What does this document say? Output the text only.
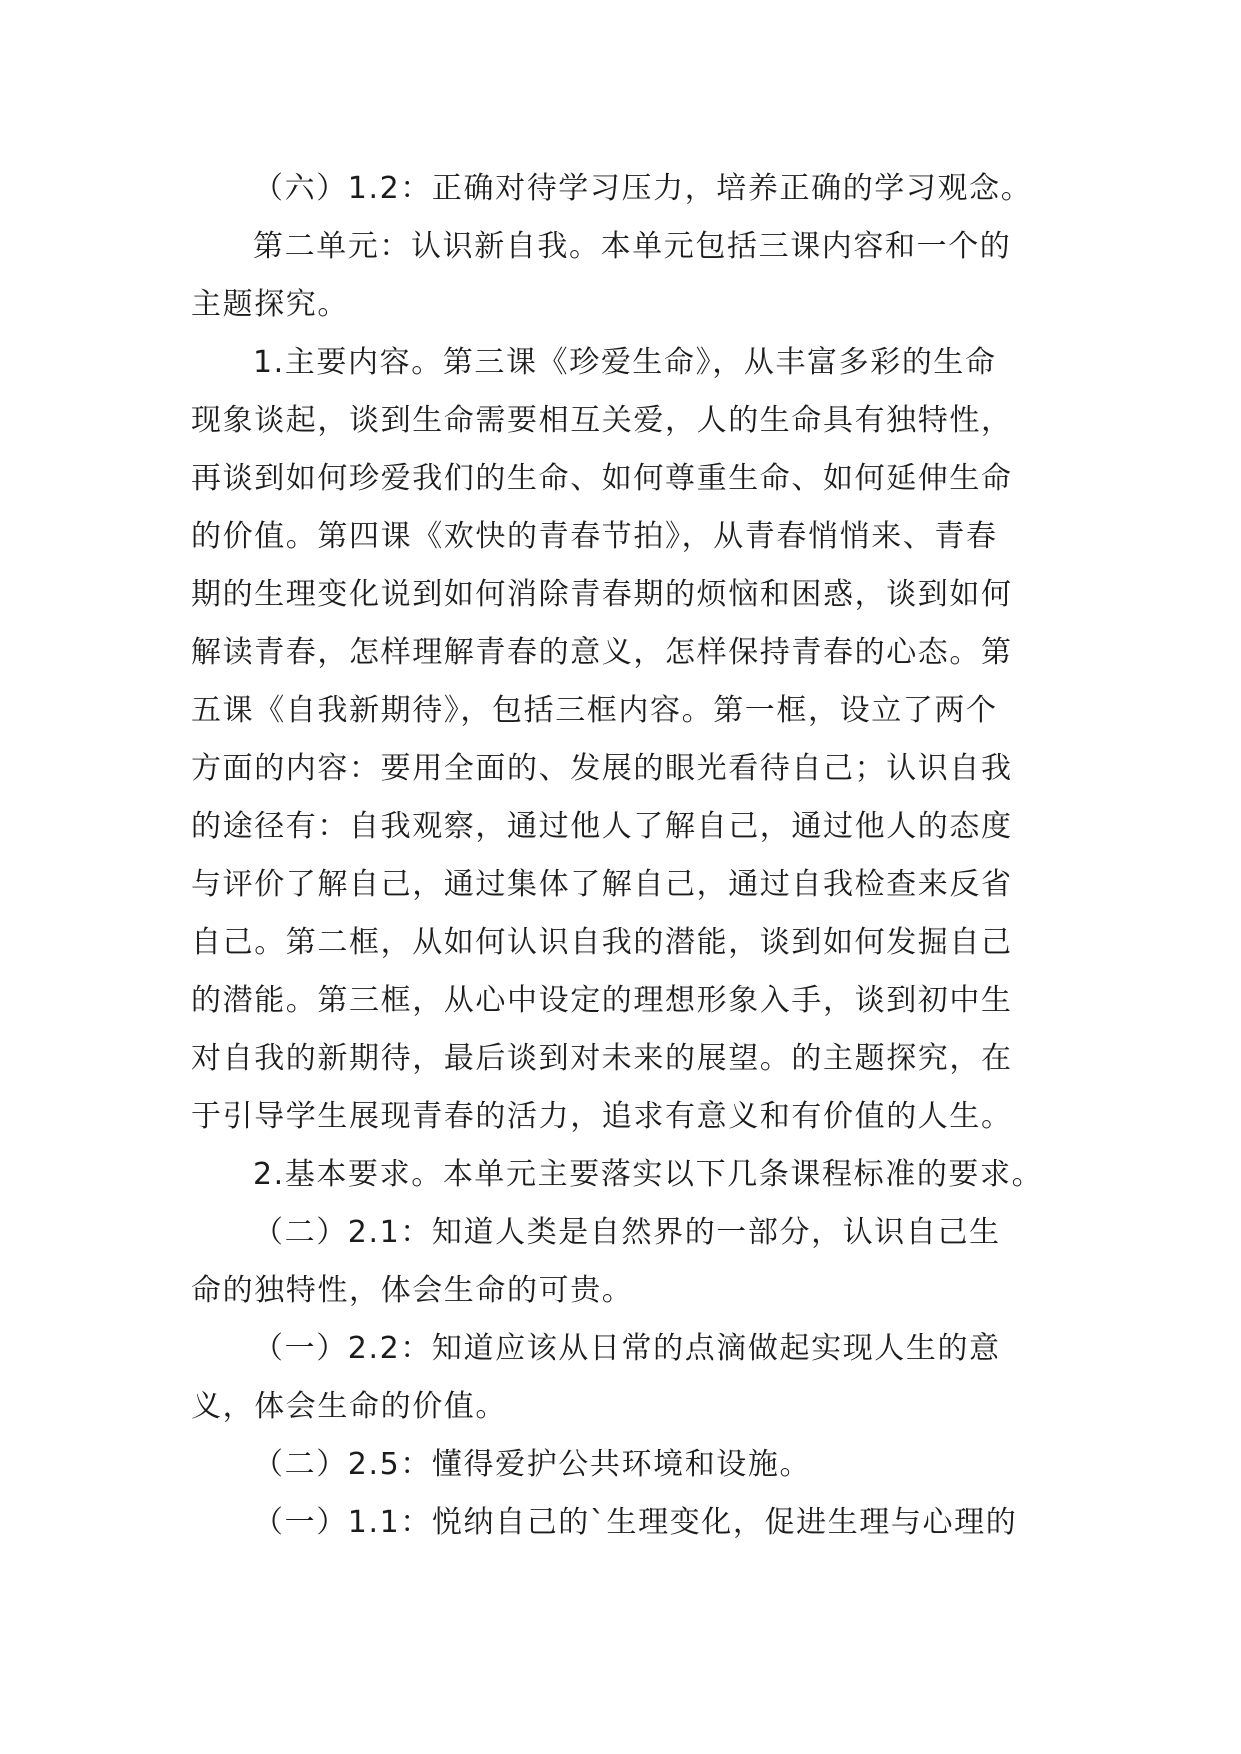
（六）1.2：正确对待学习压力，培养正确的学习观念。
第二单元：认识新自我。本单元包括三课内容和一个的
主题探究。
1.主要内容。第三课《珍爱生命》，从丰富多彩的生命
现象谈起，谈到生命需要相互关爱，人的生命具有独特性，
再谈到如何珍爱我们的生命、如何尊重生命、如何延伸生命
的价值。第四课《欢快的青春节拍》，从青春悄悄来、青春
期的生理变化说到如何消除青春期的烦恼和困惑，谈到如何
解读青春，怎样理解青春的意义，怎样保持青春的心态。第
五课《自我新期待》，包括三框内容。第一框，设立了两个
方面的内容：要用全面的、发展的眼光看待自己；认识自我
的途径有：自我观察，通过他人了解自己，通过他人的态度
与评价了解自己，通过集体了解自己，通过自我检查来反省
自己。第二框，从如何认识自我的潜能，谈到如何发掘自己
的潜能。第三框，从心中设定的理想形象入手，谈到初中生
对自我的新期待，最后谈到对未来的展望。的主题探究，在
于引导学生展现青春的活力，追求有意义和有价值的人生。
2.基本要求。本单元主要落实以下几条课程标准的要求。
（二）2.1：知道人类是自然界的一部分，认识自己生
命的独特性，体会生命的可贵。
（一）2.2：知道应该从日常的点滴做起实现人生的意
义，体会生命的价值。
（二）2.5：懂得爱护公共环境和设施。
（一）1.1：悦纳自己的`生理变化，促进生理与心理的
